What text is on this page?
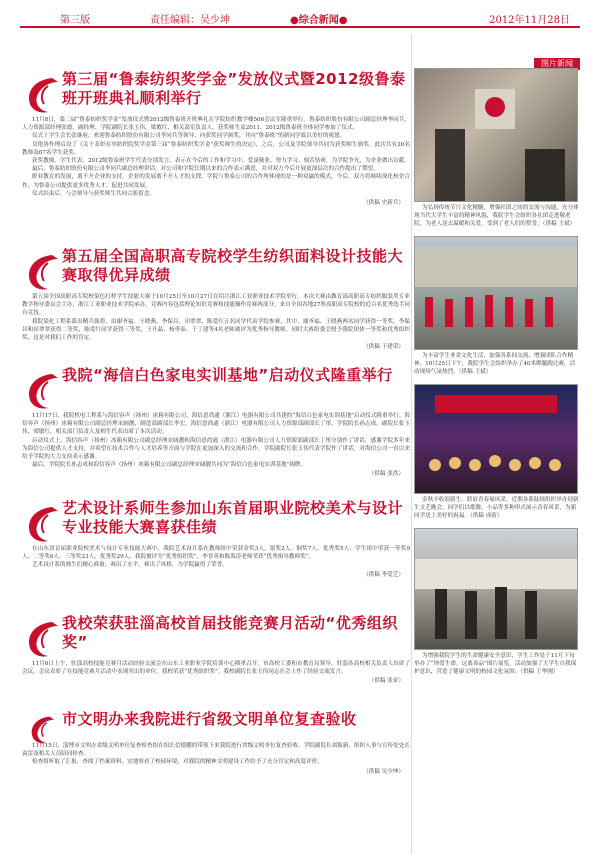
第三版	责任编辑：吴少坤	●综合新闻●	2012年11月28日
第三届“鲁泰纺织奖学金”发放仪式暨2012级鲁泰班开班典礼顺利举行

11月8日，第三届“鲁泰纺织奖学金”发放仪式暨2012级鲁泰班开班典礼在学院纺织教学楼506会议室隆重举行。鲁泰纺织股份有限公司副总经理李同兵，人力资源部经理张德，副经理、学院副院长张玉伟，梁敏红、相关部室负责人、获奖师生及2011、2012级鲁泰班全体同学参加了仪式。

仪式上学生会长张继府，欢迎鲁泰纺织股份有限公司李同兵等领导，向获奖同学颁奖，并向“鲁泰班”的新同学致以美好的祝愿。

吴艳协作理启设了《关于表彰在举纺织院奖学金第三届“鲁泰纺织奖学金”获奖师生的决定》，之后，公司及学院领导共同为获奖师生颁奖。此次共有20名教师及67名学生获奖。

获奖教师，学生代表，2012级鲁泰班学生代表分别发言，表示在今后的工作和学习中，爱岗敬业、努力学习、刻苦钻研，为学院争光，为企业做出贡献。

最后，鲁泰纺织股份有限公司李同兵副总经理讲话，对公司和学院长期以来的合作表示满意，并对双方今后开展更深层次的合作提出了期望。

职业教育的发展，离不开企业的支持，企业的发展离不开人才的支撑。学院与鲁泰公司的合作所体现的是一种双赢的模式。今后，双方将继续深化校企合作，为鲁泰公司提供更多优秀人才，促进共同发展。

仪式结束后，与会领导与获奖师生共同合影留念。

（供稿 史新兵）
第五届全国高职高专院校学生纺织面料设计技能大赛取得优异成绩

第五届全国高职高专院校染色打样学生技能大赛于10月25日至10月27日在绍兴浙江工业职业技术学院举行。本次大赛由教育部高职高专纺织服装类专业教学指导委员会主办，浙江工业职业技术学院承办，竞赛内容包括理论知识竞赛和技能操作竞赛两部分，来自全国各地27所高职高专院校的近百名优秀选手同台竞技。

我院染化工程系派出精兵强将，由谢爷福、王晓燕、李保昌、田翠翠、陈爱红五名同学代表学院参赛，其中，谢爷福、王晓燕两名同学获得一等奖，李保昌和田翠翠获得二等奖，陈爱红同学获得三等奖，王开晶、杨勇泰、于丁建等4名老师被评为优秀指导教师，同时大赛组委会授予我院团体一等奖和优秀组织奖，这是对我们工作的肯定。

（供稿 于建荣）
我院“海信白色家电实训基地”启动仪式隆重举行

11月17日，我院机电工程系与海信容声（扬州）冰箱有限公司、海信意尚通（浙江）电器有限公司共建的“海信白色家电实训基地”启动仪式隆重举行。海信容声（扬州）冰箱有限公司副总经理宋阔靓，制造部副部长李宏，海信意尚通（浙江）电器有限公司人力资源部副部长丁彤，学院院长孙志成，副院长张玉伟，梁敏红，相关部门负责人及师生代表出席了本次活动。

启动仪式上，海信容声（扬州）冰箱有限公司副总经理宋阔靓和海信意尚通（浙江）电器有限公司人力资源部副部长丁彤分别作了讲话，感谢学院多年来为海信公司提供人才支持，并希望在技术合作与人才培养等方面与学院在更加深入的交流和合作。学院副院长张玉伟代表学院作了讲话，对海信公司一直以来给予学院的大力支持表示感谢。

最后，学院院长孙志成和海信容声（扬州）冰箱有限公司副总经理宋阔靓共同为“海信白色家电实训基地”揭牌。

（供稿 张洪）
艺术设计系师生参加山东首届职业院校美术与设计专业技能大赛喜获佳绩

在山东省首届职业院校美术与设计专业技能大赛中，我院艺术设计系在教师组中荣获金奖3人、银奖2人、铜奖7人，优秀奖5人；学生组中荣获一等奖9人、二等奖6人、三等奖23人、优秀奖29人，我院被评为“优秀组织奖”，李晋英和陈海涛老师荣获“优秀指导教师奖”。

艺术设计系的师生们精心准备，赛出了水平，赛出了风格，为学院赢得了荣誉。

（供稿 李爱芝）
我校荣获驻淄高校首届技能竞赛月活动“优秀组织奖”

11月6日上午，驻淄高校技能竞赛月活动经验交流会在山东工业职业学院培训中心隆重召开。市高校工委和市教育局领导，驻淄各高校相关负责人出席了会议。会议表彰了在技能竞赛月活动中表现突出的单位，我校荣获“优秀组织奖”。我校副院长张玉伟同志在会上作了经验交流发言。

（供稿 张景）
市文明办来我院进行省级文明单位复查验收

11月15日，淄博市文明办省级文明单位复查检查组在组长信德鹏的带领下来我院进行省级文明单位复查验收。学院副院长刘振新，组织人事与宣传处处长袁雷及相关人员陪同检查。

检查组听取了汇报，查阅了档案资料，实地察看了校园环境，对我院的精神文明建设工作给予了充分肯定和高度评价。

（供稿 吴少坤）
图片新闻
为弘扬传统节日文化精髓，增强社团之间的交流与沟通，充分体现当代大学生丰富的精神风貌，我院学生会组织各社团走进敬老院，为老人送去温暖和关爱，受到了老人们的赞誉。（供稿 王斌）
为丰富学生业余文化生活，加强各系间交流，增强团队合作精神，10月25日下午，我院学生会组织举办了40米绑腿跑比赛，活动现场气氛热烈。（供稿 王斌）
金秋丰收迎新生，联谊青春展风采。近期各系陆续组织举办迎新生文艺晚会，同学们以歌舞、小品等多种形式展示青春风采，为新同学送上美好的祝福。（供稿 成蔚）
为增强我院学生的生命健康安全意识，学生工作处于11月下旬举办了“珍爱生命，远离毒品”图片展览。活动加强了大学生自我保护意识，营造了健康文明的校园文化氛围。（供稿 王华刚）
